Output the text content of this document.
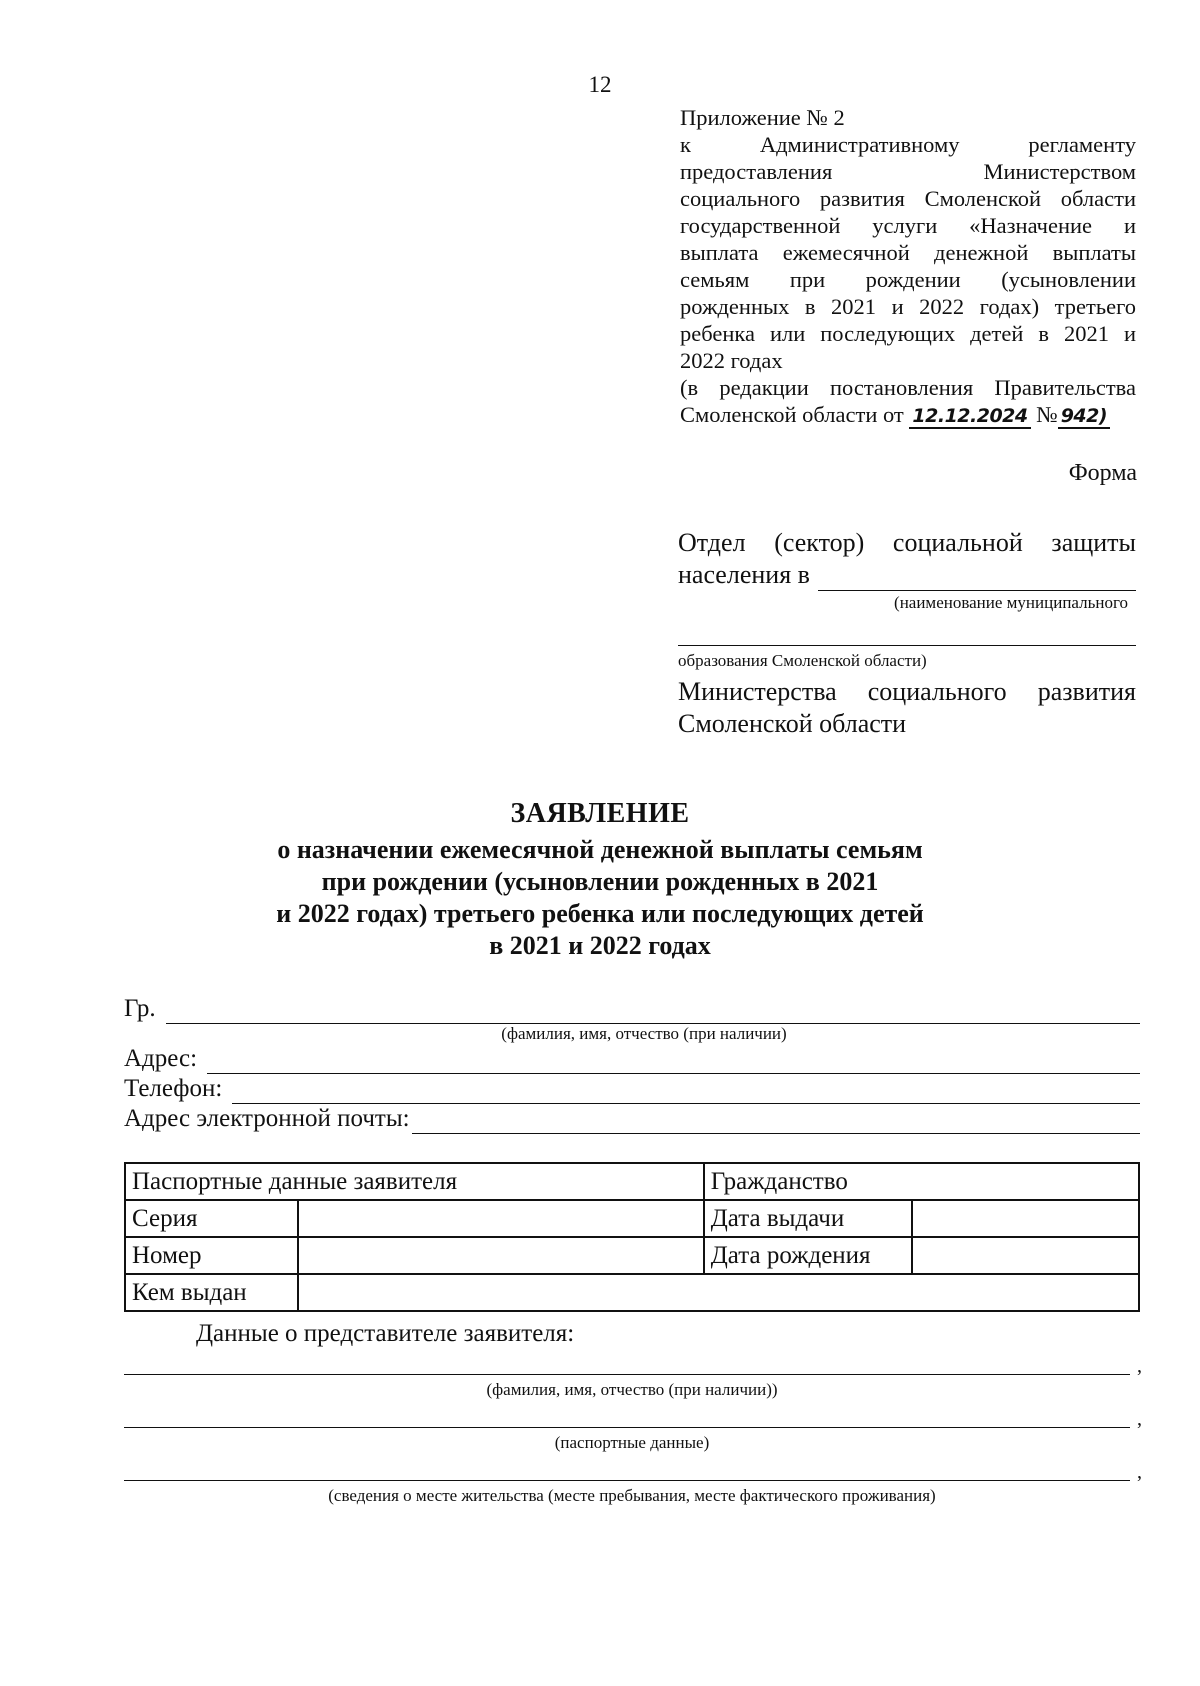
12
Приложение № 2
к Административному регламенту
предоставления Министерством
социального развития Смоленской области
государственной услуги «Назначение и
выплата ежемесячной денежной выплаты
семьям при рождении (усыновлении
рожденных в 2021 и 2022 годах) третьего
ребенка или последующих детей в 2021 и
2022 годах
(в редакции постановления Правительства
Смоленской области от 12.12.2024 № 942)
Форма
Отдел (сектор) социальной защиты
населения в
(наименование муниципального
образования Смоленской области)
Министерства социального развития
Смоленской области
ЗАЯВЛЕНИЕ
о назначении ежемесячной денежной выплаты семьям
при рождении (усыновлении рожденных в 2021
и 2022 годах) третьего ребенка или последующих детей
в 2021 и 2022 годах
Гр.
(фамилия, имя, отчество (при наличии)
Адрес:
Телефон:
Адрес электронной почты:
Паспортные данные заявителя		Гражданство	
Серия		Дата выдачи	
Номер		Дата рождения	
Кем выдан			
Данные о представителе заявителя:
,
(фамилия, имя, отчество (при наличии))
,
(паспортные данные)
,
(сведения о месте жительства (месте пребывания, месте фактического проживания)
